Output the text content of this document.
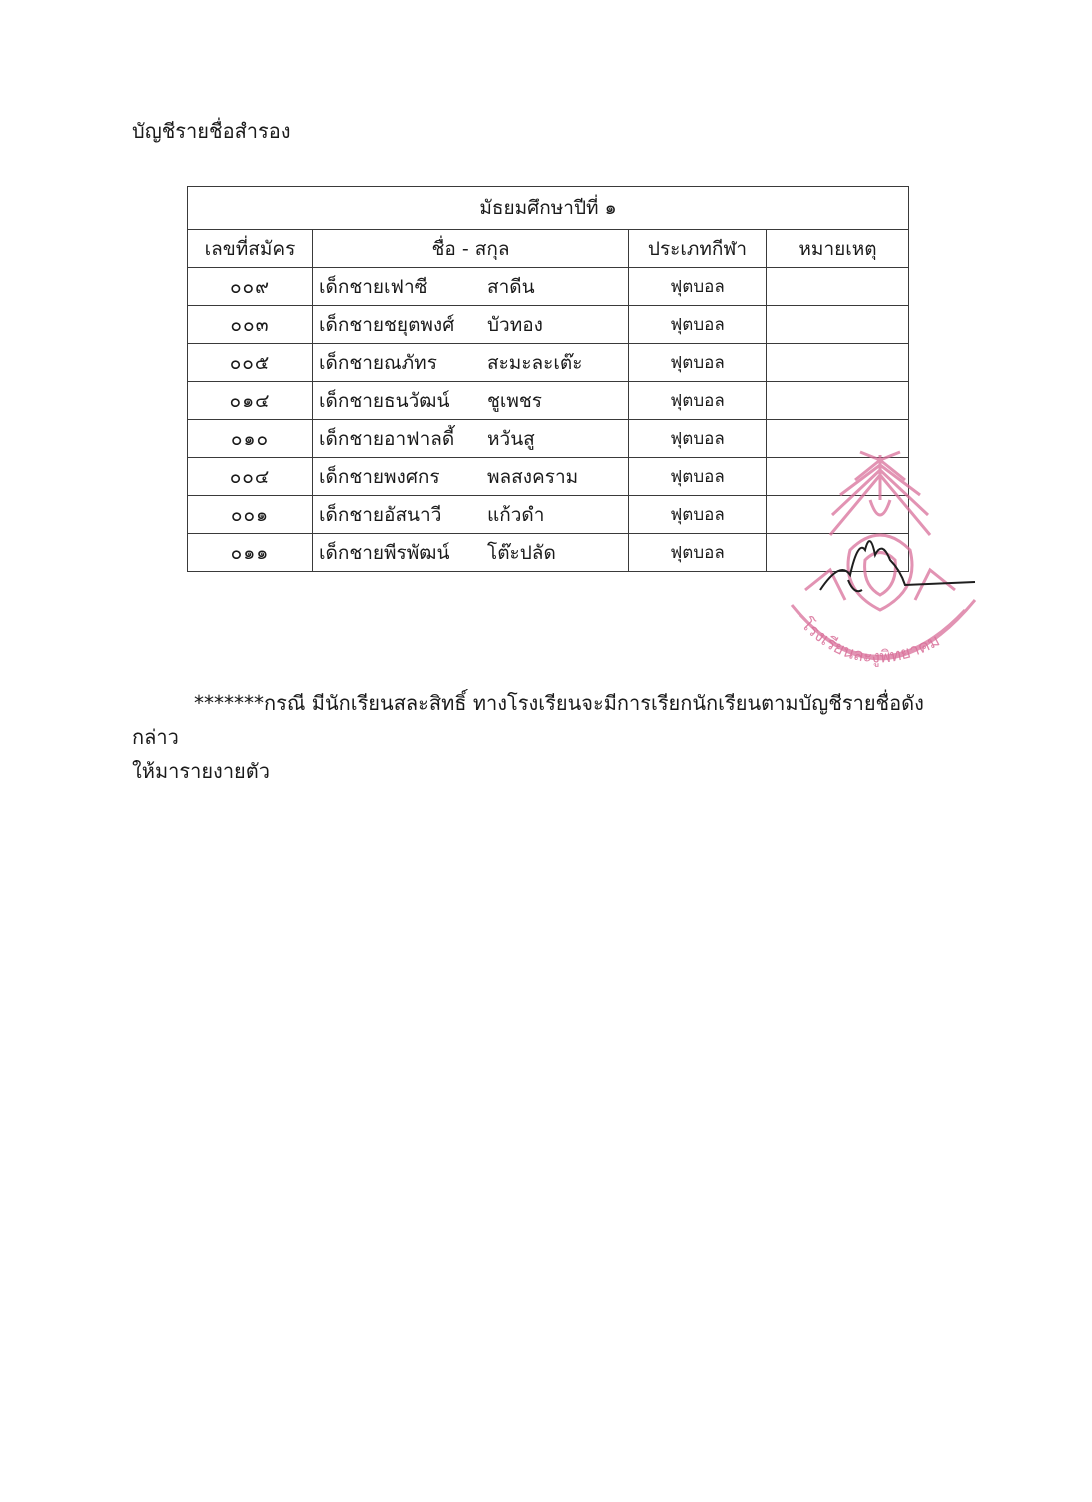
บัญชีรายชื่อสำรอง
มัธยมศึกษาปีที่ ๑			
เลขที่สมัคร	ชื่อ - สกุล	ประเภทกีฬา	หมายเหตุ
๐๐๙	เด็กชายเฟาซี สาดีน	ฟุตบอล	
๐๐๓	เด็กชายชยุตพงศ์ บัวทอง	ฟุตบอล	
๐๐๕	เด็กชายณภัทร สะมะละเต๊ะ	ฟุตบอล	
๐๑๔	เด็กชายธนวัฒน์ ชูเพชร	ฟุตบอล	
๐๑๐	เด็กชายอาฟาลดี้ หวันสู	ฟุตบอล	
๐๐๔	เด็กชายพงศกร พลสงคราม	ฟุตบอล	
๐๐๑	เด็กชายอัสนาวี แก้วดำ	ฟุตบอล	
๐๑๑	เด็กชายพีรพัฒน์ โต๊ะปลัด	ฟุตบอล	
โรงเรียนละงูพิทยาคม
*******กรณี มีนักเรียนสละสิทธิ์ ทางโรงเรียนจะมีการเรียกนักเรียนตามบัญชีรายชื่อดังกล่าว
ให้มารายงายตัว
